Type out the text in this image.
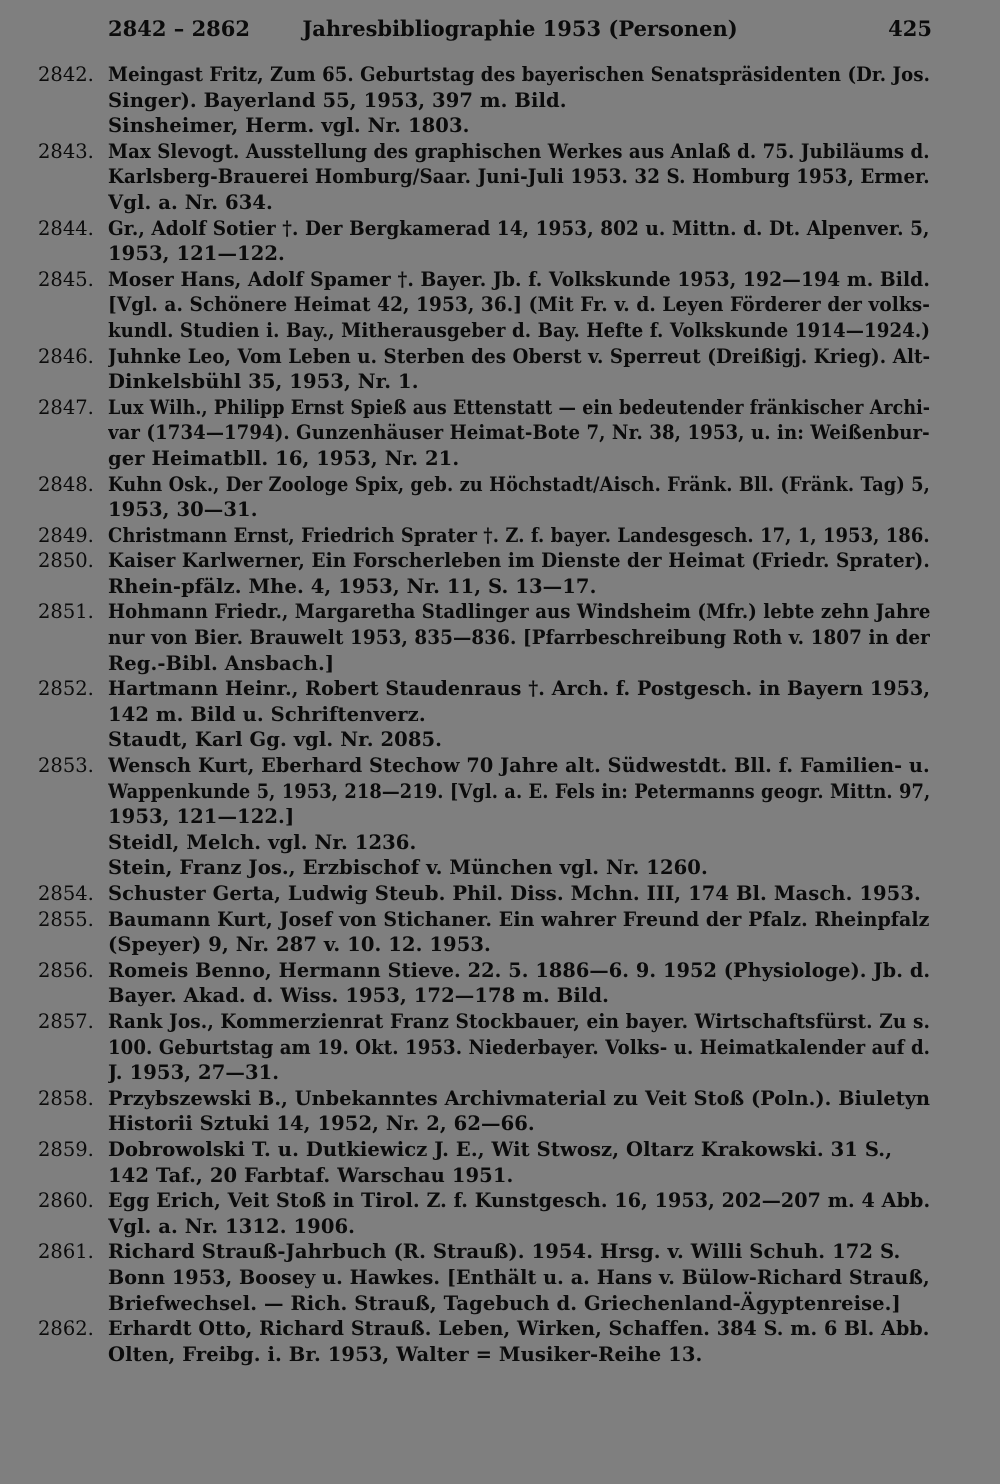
2842 – 2862	Jahresbibliographie 1953 (Personen)	425
2842. Meingast Fritz, Zum 65. Geburtstag des bayerischen Senatspräsidenten (Dr. Jos.
Singer). Bayerland 55, 1953, 397 m. Bild.
Sinsheimer, Herm. vgl. Nr. 1803.
2843. Max Slevogt. Ausstellung des graphischen Werkes aus Anlaß d. 75. Jubiläums d.
Karlsberg-Brauerei Homburg/Saar. Juni-Juli 1953. 32 S. Homburg 1953, Ermer.
Vgl. a. Nr. 634.
2844. Gr., Adolf Sotier †. Der Bergkamerad 14, 1953, 802 u. Mittn. d. Dt. Alpenver. 5,
1953, 121—122.
2845. Moser Hans, Adolf Spamer †. Bayer. Jb. f. Volkskunde 1953, 192—194 m. Bild.
[Vgl. a. Schönere Heimat 42, 1953, 36.] (Mit Fr. v. d. Leyen Förderer der volks-
kundl. Studien i. Bay., Mitherausgeber d. Bay. Hefte f. Volkskunde 1914—1924.)
2846. Juhnke Leo, Vom Leben u. Sterben des Oberst v. Sperreut (Dreißigj. Krieg). Alt-
Dinkelsbühl 35, 1953, Nr. 1.
2847. Lux Wilh., Philipp Ernst Spieß aus Ettenstatt — ein bedeutender fränkischer Archi-
var (1734—1794). Gunzenhäuser Heimat-Bote 7, Nr. 38, 1953, u. in: Weißenbur-
ger Heimatbll. 16, 1953, Nr. 21.
2848. Kuhn Osk., Der Zoologe Spix, geb. zu Höchstadt/Aisch. Fränk. Bll. (Fränk. Tag) 5,
1953, 30—31.
2849. Christmann Ernst, Friedrich Sprater †. Z. f. bayer. Landesgesch. 17, 1, 1953, 186.
2850. Kaiser Karlwerner, Ein Forscherleben im Dienste der Heimat (Friedr. Sprater).
Rhein-pfälz. Mhe. 4, 1953, Nr. 11, S. 13—17.
2851. Hohmann Friedr., Margaretha Stadlinger aus Windsheim (Mfr.) lebte zehn Jahre
nur von Bier. Brauwelt 1953, 835—836. [Pfarrbeschreibung Roth v. 1807 in der
Reg.-Bibl. Ansbach.]
2852. Hartmann Heinr., Robert Staudenraus †. Arch. f. Postgesch. in Bayern 1953,
142 m. Bild u. Schriftenverz.
Staudt, Karl Gg. vgl. Nr. 2085.
2853. Wensch Kurt, Eberhard Stechow 70 Jahre alt. Südwestdt. Bll. f. Familien- u.
Wappenkunde 5, 1953, 218—219. [Vgl. a. E. Fels in: Petermanns geogr. Mittn. 97,
1953, 121—122.]
Steidl, Melch. vgl. Nr. 1236.
Stein, Franz Jos., Erzbischof v. München vgl. Nr. 1260.
2854. Schuster Gerta, Ludwig Steub. Phil. Diss. Mchn. III, 174 Bl. Masch. 1953.
2855. Baumann Kurt, Josef von Stichaner. Ein wahrer Freund der Pfalz. Rheinpfalz
(Speyer) 9, Nr. 287 v. 10. 12. 1953.
2856. Romeis Benno, Hermann Stieve. 22. 5. 1886—6. 9. 1952 (Physiologe). Jb. d.
Bayer. Akad. d. Wiss. 1953, 172—178 m. Bild.
2857. Rank Jos., Kommerzienrat Franz Stockbauer, ein bayer. Wirtschaftsfürst. Zu s.
100. Geburtstag am 19. Okt. 1953. Niederbayer. Volks- u. Heimatkalender auf d.
J. 1953, 27—31.
2858. Przybszewski B., Unbekanntes Archivmaterial zu Veit Stoß (Poln.). Biuletyn
Historii Sztuki 14, 1952, Nr. 2, 62—66.
2859. Dobrowolski T. u. Dutkiewicz J. E., Wit Stwosz, Oltarz Krakowski. 31 S.,
142 Taf., 20 Farbtaf. Warschau 1951.
2860. Egg Erich, Veit Stoß in Tirol. Z. f. Kunstgesch. 16, 1953, 202—207 m. 4 Abb.
Vgl. a. Nr. 1312. 1906.
2861. Richard Strauß-Jahrbuch (R. Strauß). 1954. Hrsg. v. Willi Schuh. 172 S.
Bonn 1953, Boosey u. Hawkes. [Enthält u. a. Hans v. Bülow-Richard Strauß,
Briefwechsel. — Rich. Strauß, Tagebuch d. Griechenland-Ägyptenreise.]
2862. Erhardt Otto, Richard Strauß. Leben, Wirken, Schaffen. 384 S. m. 6 Bl. Abb.
Olten, Freibg. i. Br. 1953, Walter = Musiker-Reihe 13.
